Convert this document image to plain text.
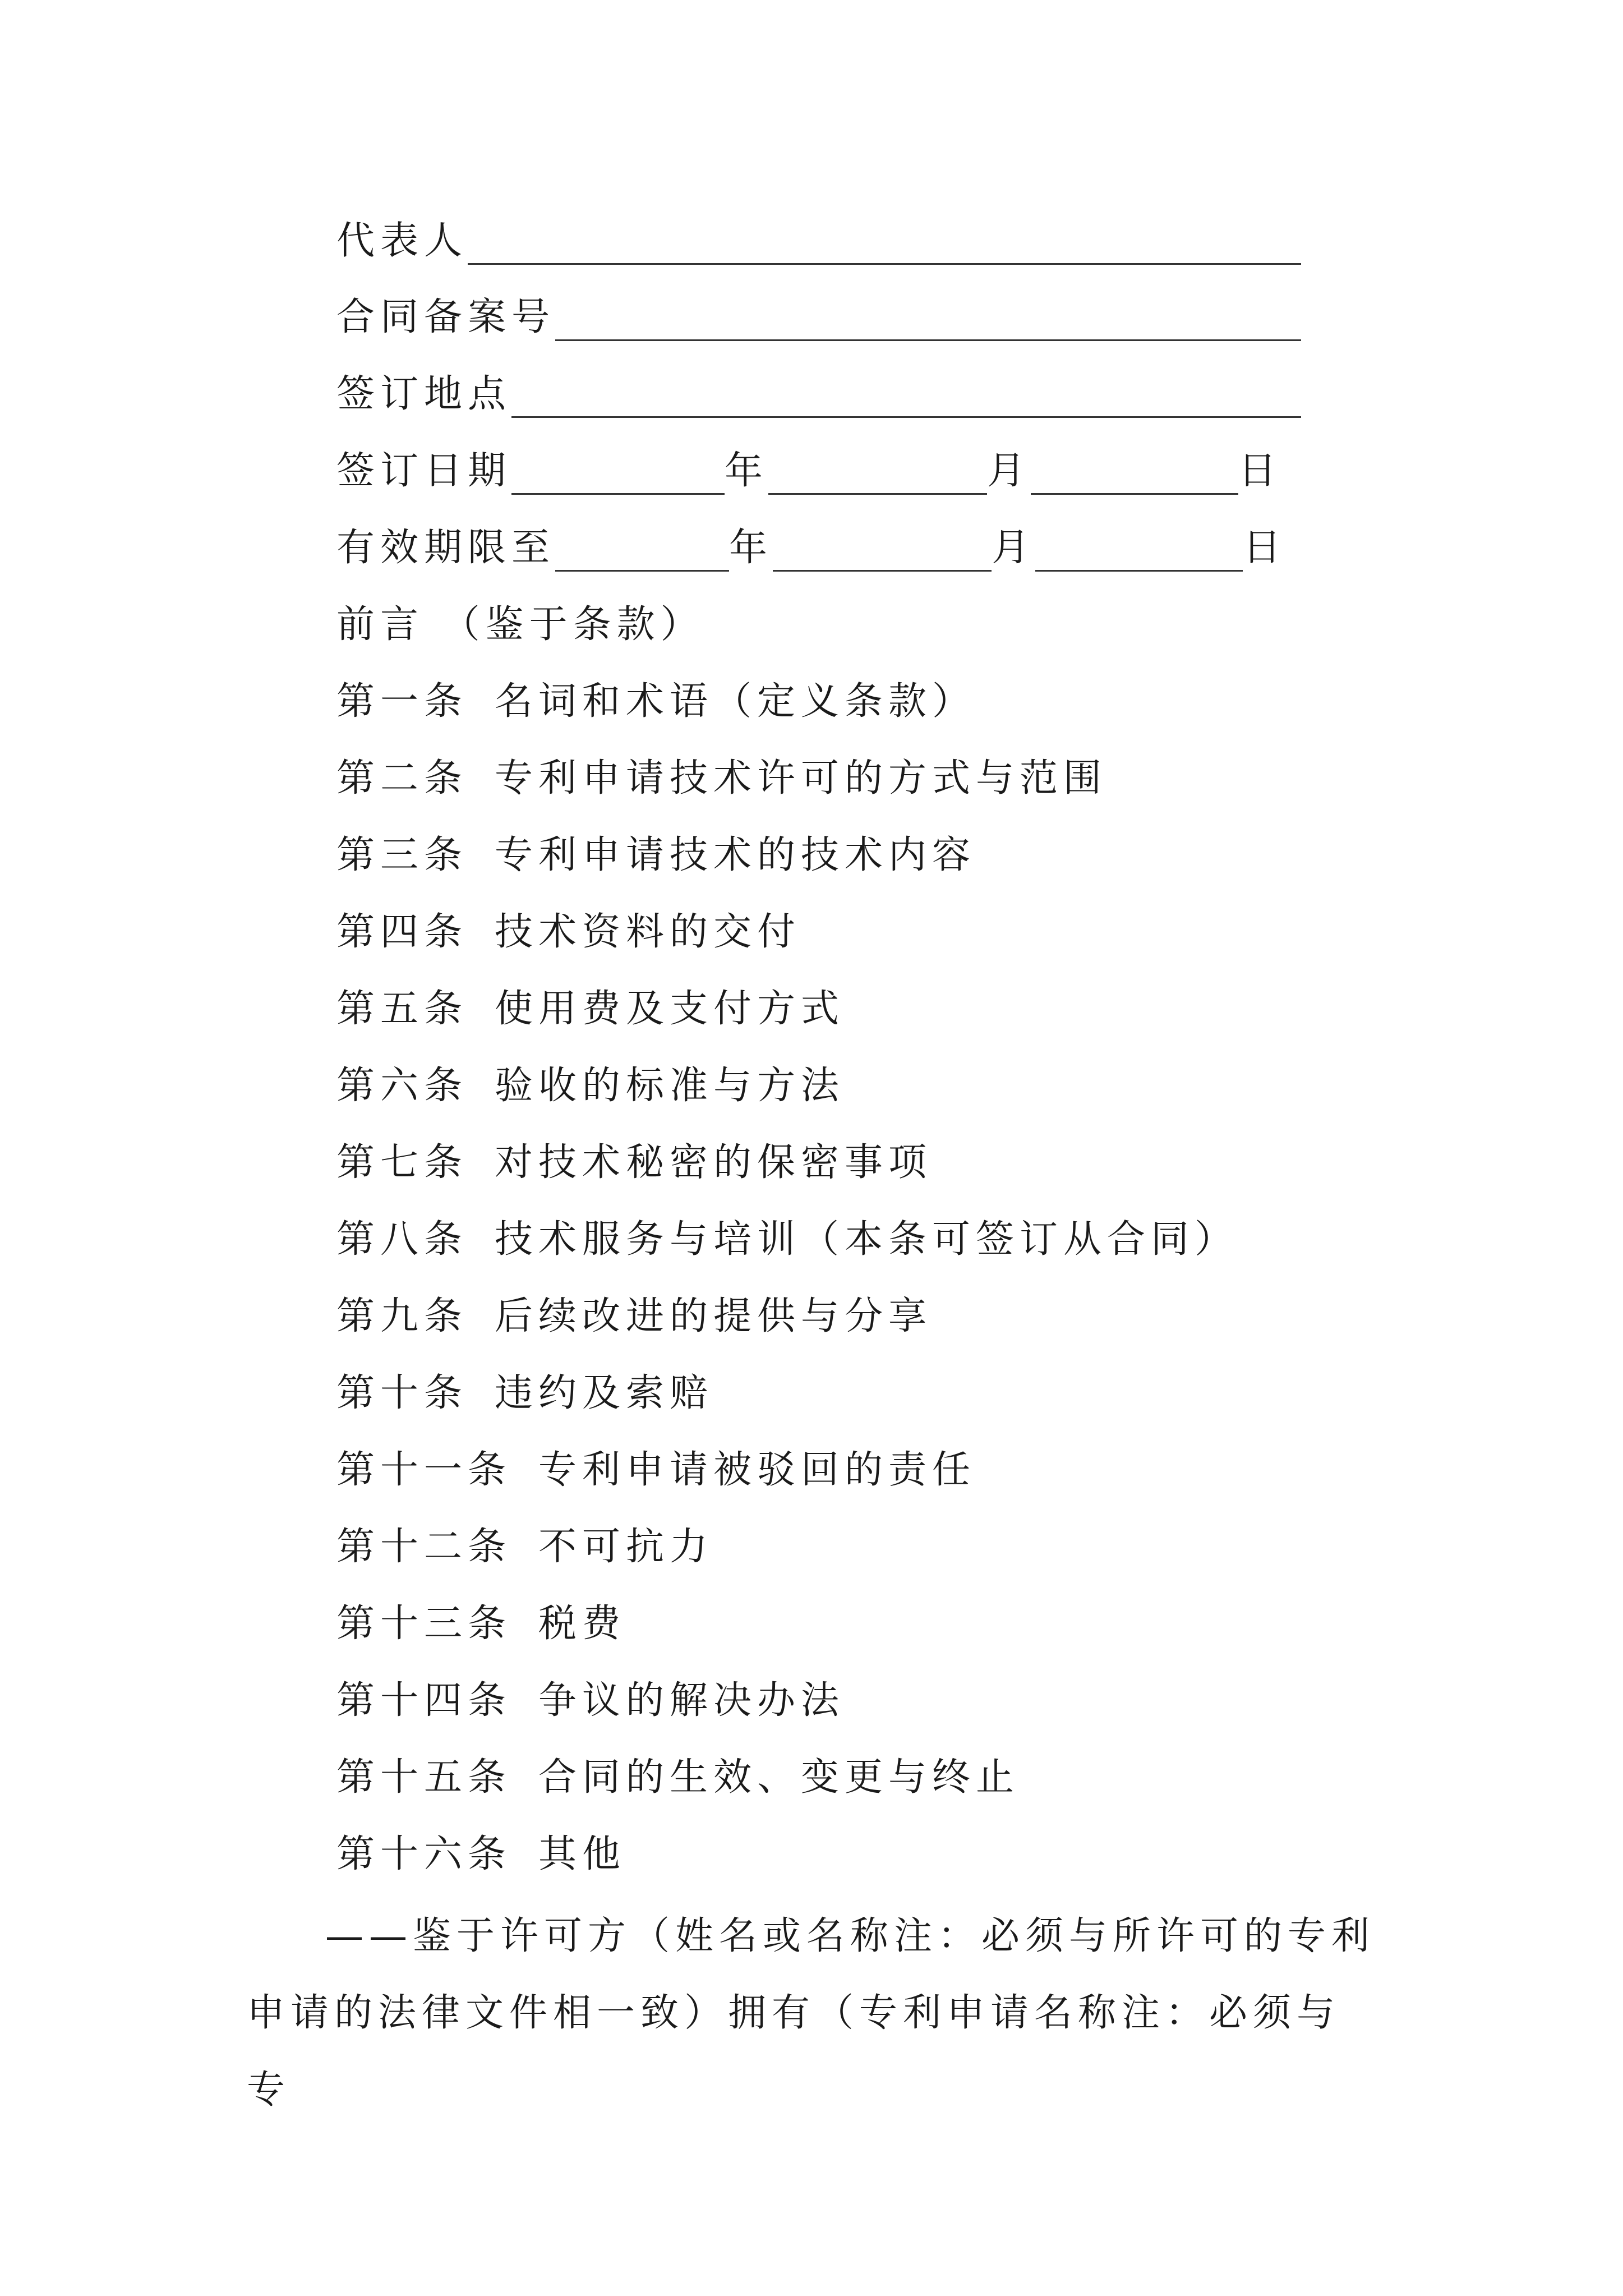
代表人
合同备案号
签订地点
签订日期	年	月	日
有效期限至	年	月	日
前言 （鉴于条款）
第一条 名词和术语（定义条款）
第二条 专利申请技术许可的方式与范围
第三条 专利申请技术的技术内容
第四条 技术资料的交付
第五条 使用费及支付方式
第六条 验收的标准与方法
第七条 对技术秘密的保密事项
第八条 技术服务与培训（本条可签订从合同）
第九条 后续改进的提供与分享
第十条 违约及索赔
第十一条 专利申请被驳回的责任
第十二条 不可抗力
第十三条 税费
第十四条 争议的解决办法
第十五条 合同的生效、变更与终止
第十六条 其他
——鉴于许可方（姓名或名称注：必须与所许可的专利
申请的法律文件相一致）拥有（专利申请名称注：必须与专
